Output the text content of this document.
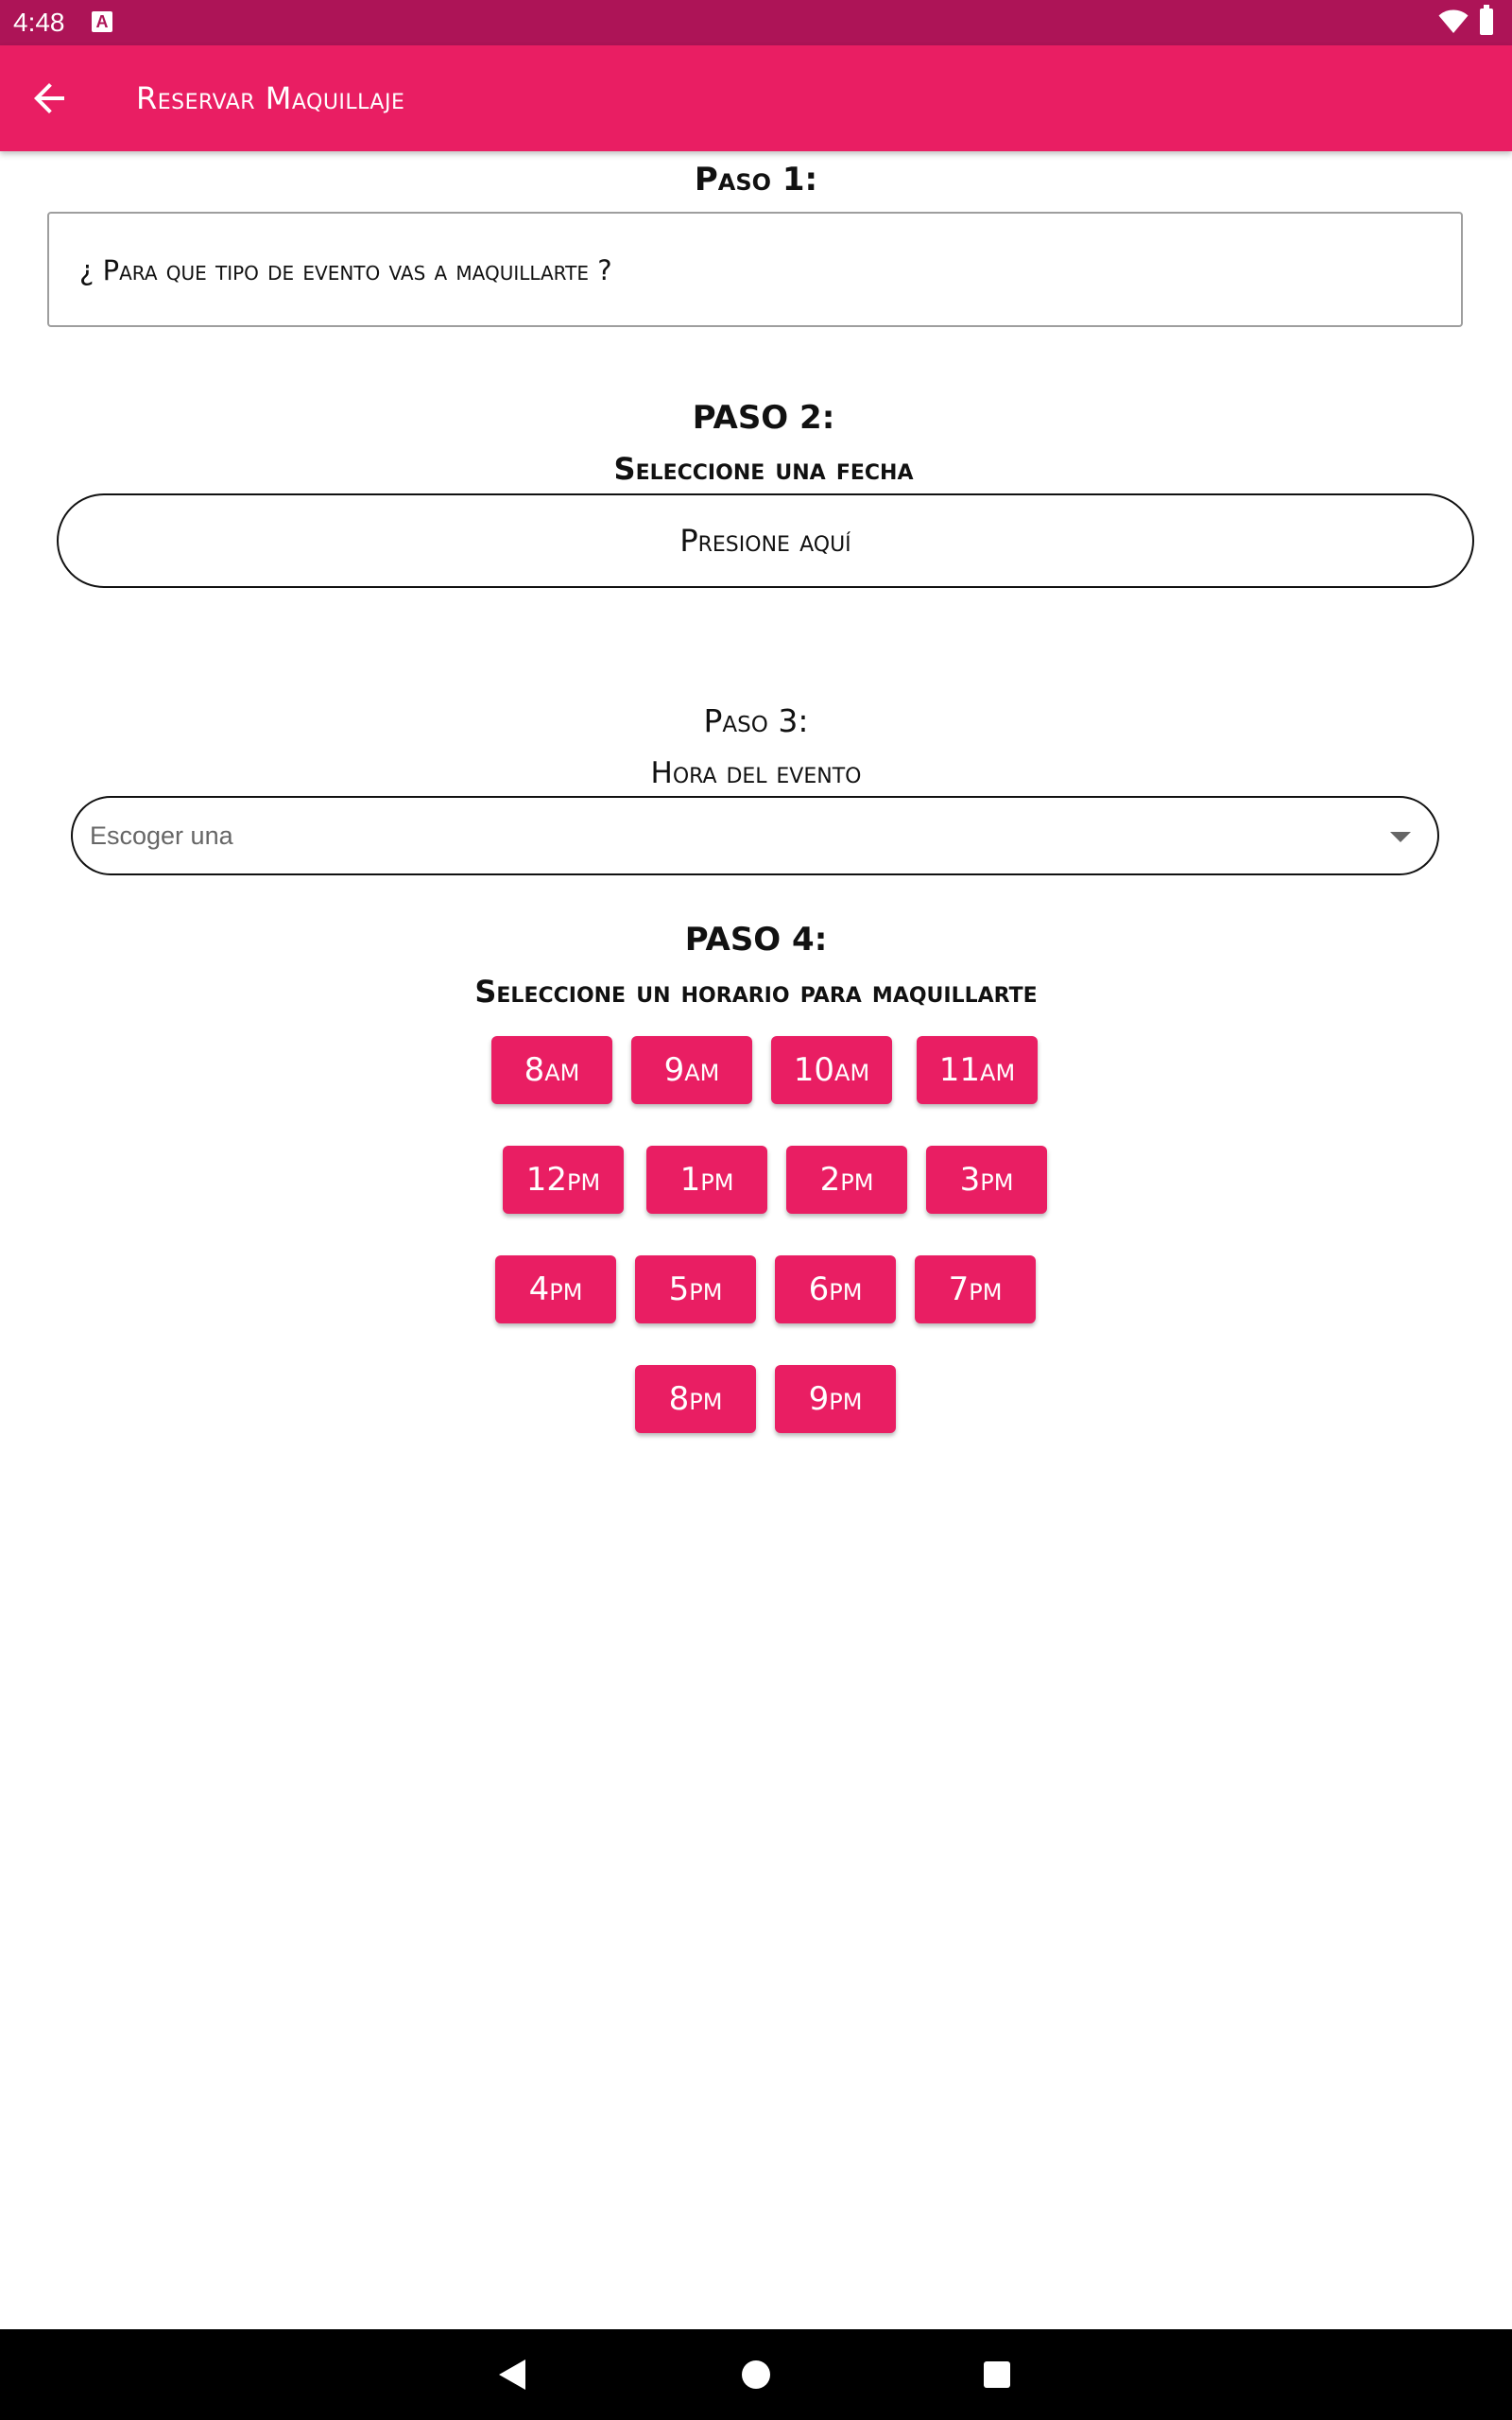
4:48 A
Reservar Maquillaje
Paso 1:
¿ Para que tipo de evento vas a maquillarte ?
PASO 2:
Seleccione una fecha
Presione aquí
Paso 3:
Hora del evento
Escoger una
PASO 4:
Seleccione un horario para maquillarte
8am	9am	10am	11am
12pm	1pm	2pm	3pm
4pm	5pm	6pm	7pm
8pm	9pm
